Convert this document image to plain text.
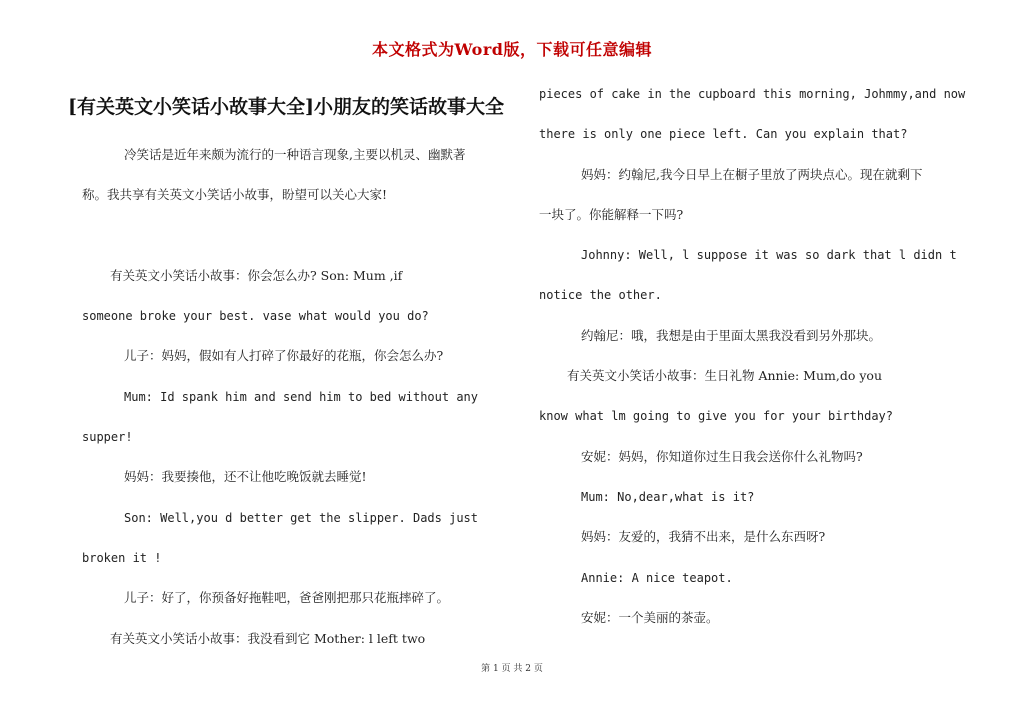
本文格式为Word版，下载可任意编辑
[有关英文小笑话小故事大全]小朋友的笑话故事大全

冷笑话是近年来颇为流行的一种语言现象,主要以机灵、幽默著

称。我共享有关英文小笑话小故事，盼望可以关心大家!

有关英文小笑话小故事：你会怎么办? Son: Mum ,if

someone broke your best. vase what would you do?

儿子：妈妈，假如有人打碎了你最好的花瓶，你会怎么办?

Mum: Id spank him and send him to bed without any

supper!

妈妈：我要揍他，还不让他吃晚饭就去睡觉!

Son: Well,you d better get the slipper. Dads just

broken it !

儿子：好了，你预备好拖鞋吧，爸爸刚把那只花瓶摔碎了。

有关英文小笑话小故事：我没看到它 Mother: l left two

pieces of cake in the cupboard this morning, Johmmy,and now

there is only one piece left. Can you explain that?

妈妈：约翰尼,我今日早上在橱子里放了两块点心。现在就剩下

一块了。你能解释一下吗?

Johnny: Well, l suppose it was so dark that l didn t

notice the other.

约翰尼：哦，我想是由于里面太黑我没看到另外那块。

有关英文小笑话小故事：生日礼物 Annie: Mum,do you

know what lm going to give you for your birthday?

安妮：妈妈，你知道你过生日我会送你什么礼物吗?

Mum: No,dear,what is it?

妈妈：友爱的，我猜不出来，是什么东西呀?

Annie: A nice teapot.

安妮：一个美丽的茶壶。

第 1 页 共 2 页
